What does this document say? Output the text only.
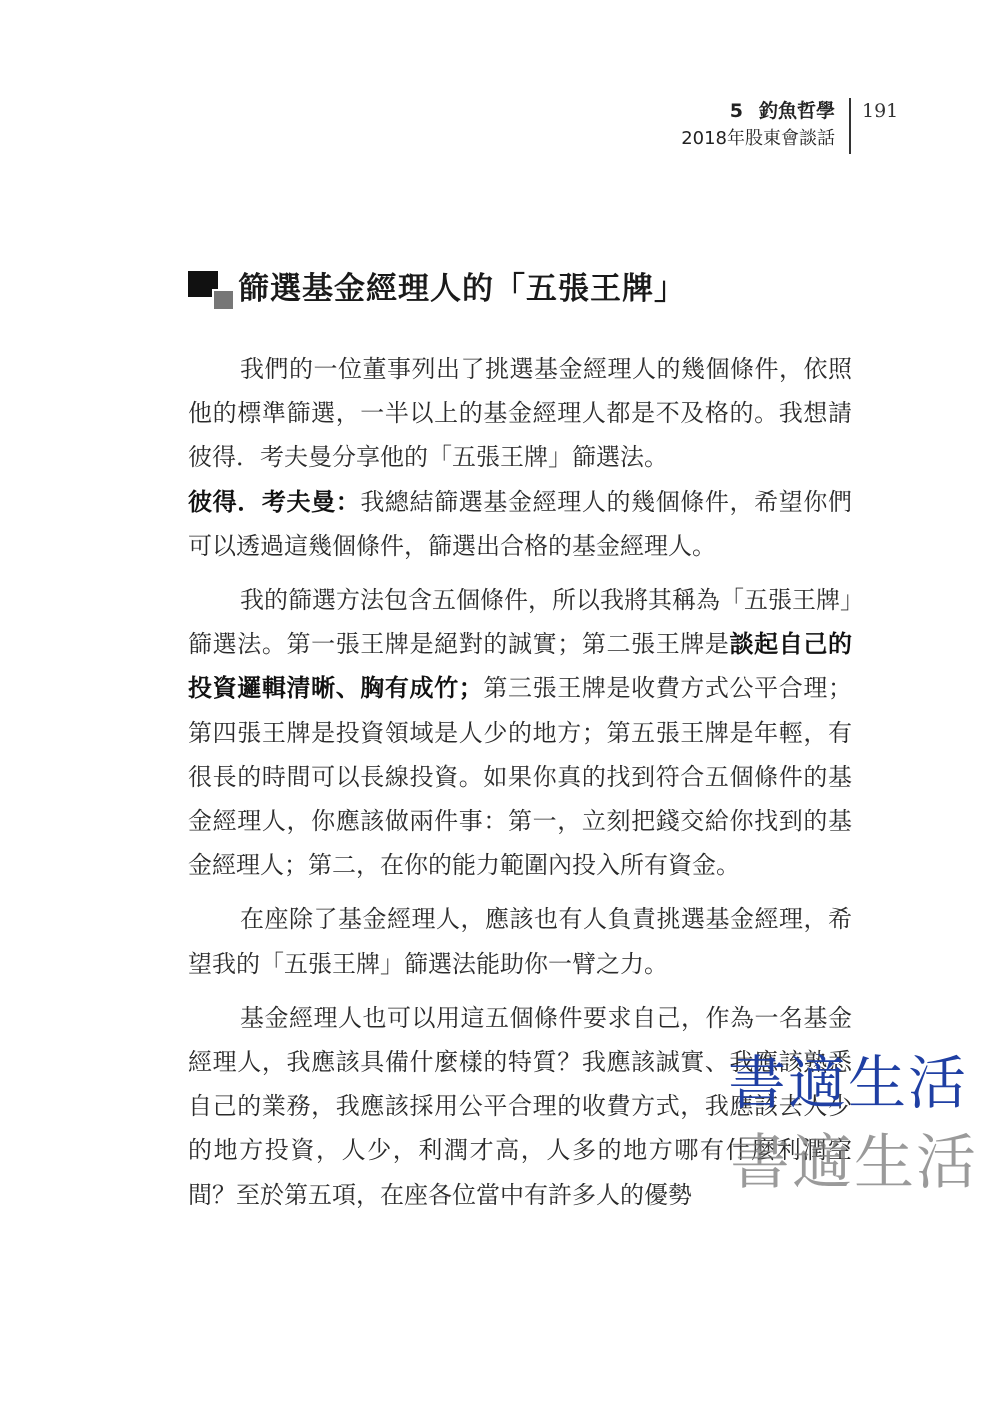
5 釣魚哲學
2018年股東會談話
191
篩選基金經理人的「五張王牌」

我們的一位董事列出了挑選基金經理人的幾個條件，依照他的標準篩選，一半以上的基金經理人都是不及格的。我想請彼得．考夫曼分享他的「五張王牌」篩選法。

彼得．考夫曼：我總結篩選基金經理人的幾個條件，希望你們可以透過這幾個條件，篩選出合格的基金經理人。

我的篩選方法包含五個條件，所以我將其稱為「五張王牌」篩選法。第一張王牌是絕對的誠實；第二張王牌是談起自己的投資邏輯清晰、胸有成竹；第三張王牌是收費方式公平合理；第四張王牌是投資領域是人少的地方；第五張王牌是年輕，有很長的時間可以長線投資。如果你真的找到符合五個條件的基金經理人，你應該做兩件事：第一，立刻把錢交給你找到的基金經理人；第二，在你的能力範圍內投入所有資金。

在座除了基金經理人，應該也有人負責挑選基金經理，希望我的「五張王牌」篩選法能助你一臂之力。

基金經理人也可以用這五個條件要求自己，作為一名基金經理人，我應該具備什麼樣的特質？我應該誠實、我應該熟悉自己的業務，我應該採用公平合理的收費方式，我應該去人少的地方投資，人少，利潤才高，人多的地方哪有什麼利潤空間？至於第五項，在座各位當中有許多人的優勢

書適生活
書適生活
